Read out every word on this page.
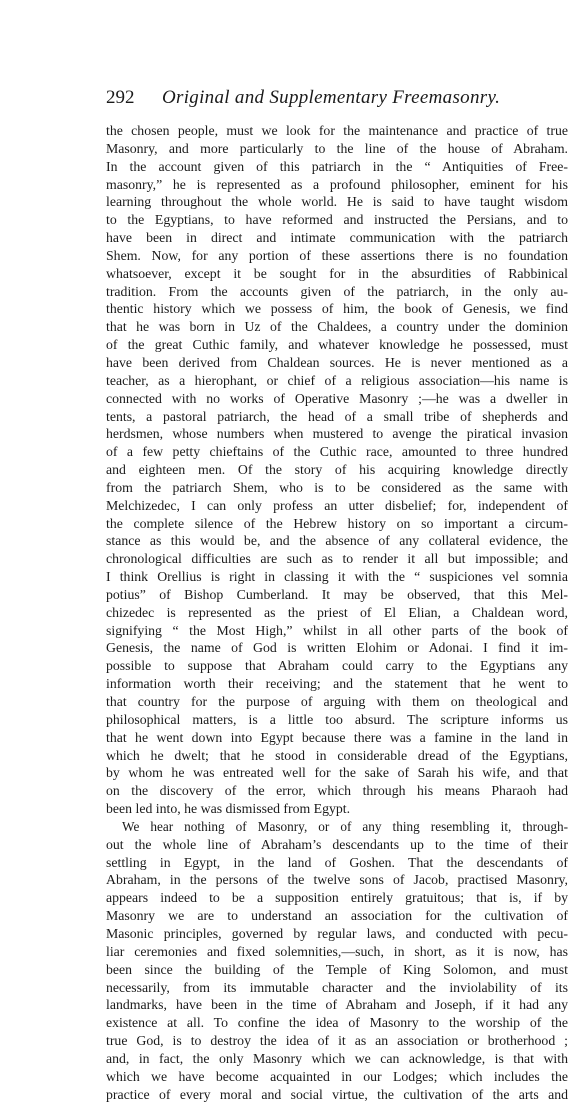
292 Original and Supplementary Freemasonry.
the chosen people, must we look for the maintenance and practice of true
Masonry, and more particularly to the line of the house of Abraham.
In the account given of this patriarch in the “ Antiquities of Free-
masonry,” he is represented as a profound philosopher, eminent for his
learning throughout the whole world. He is said to have taught wisdom
to the Egyptians, to have reformed and instructed the Persians, and to
have been in direct and intimate communication with the patriarch
Shem. Now, for any portion of these assertions there is no foundation
whatsoever, except it be sought for in the absurdities of Rabbinical
tradition. From the accounts given of the patriarch, in the only au-
thentic history which we possess of him, the book of Genesis, we find
that he was born in Uz of the Chaldees, a country under the dominion
of the great Cuthic family, and whatever knowledge he possessed, must
have been derived from Chaldean sources. He is never mentioned as a
teacher, as a hierophant, or chief of a religious association—his name is
connected with no works of Operative Masonry ;—he was a dweller in
tents, a pastoral patriarch, the head of a small tribe of shepherds and
herdsmen, whose numbers when mustered to avenge the piratical invasion
of a few petty chieftains of the Cuthic race, amounted to three hundred
and eighteen men. Of the story of his acquiring knowledge directly
from the patriarch Shem, who is to be considered as the same with
Melchizedec, I can only profess an utter disbelief; for, independent of
the complete silence of the Hebrew history on so important a circum-
stance as this would be, and the absence of any collateral evidence, the
chronological difficulties are such as to render it all but impossible; and
I think Orellius is right in classing it with the “ suspiciones vel somnia
potius” of Bishop Cumberland. It may be observed, that this Mel-
chizedec is represented as the priest of El Elian, a Chaldean word,
signifying “ the Most High,” whilst in all other parts of the book of
Genesis, the name of God is written Elohim or Adonai. I find it im-
possible to suppose that Abraham could carry to the Egyptians any
information worth their receiving; and the statement that he went to
that country for the purpose of arguing with them on theological and
philosophical matters, is a little too absurd. The scripture informs us
that he went down into Egypt because there was a famine in the land in
which he dwelt; that he stood in considerable dread of the Egyptians,
by whom he was entreated well for the sake of Sarah his wife, and that
on the discovery of the error, which through his means Pharaoh had
been led into, he was dismissed from Egypt.
We hear nothing of Masonry, or of any thing resembling it, through-
out the whole line of Abraham’s descendants up to the time of their
settling in Egypt, in the land of Goshen. That the descendants of
Abraham, in the persons of the twelve sons of Jacob, practised Masonry,
appears indeed to be a supposition entirely gratuitous; that is, if by
Masonry we are to understand an association for the cultivation of
Masonic principles, governed by regular laws, and conducted with pecu-
liar ceremonies and fixed solemnities,—such, in short, as it is now, has
been since the building of the Temple of King Solomon, and must
necessarily, from its immutable character and the inviolability of its
landmarks, have been in the time of Abraham and Joseph, if it had any
existence at all. To confine the idea of Masonry to the worship of the
true God, is to destroy the idea of it as an association or brotherhood ;
and, in fact, the only Masonry which we can acknowledge, is that with
which we have become acquainted in our Lodges; which includes the
practice of every moral and social virtue, the cultivation of the arts and
